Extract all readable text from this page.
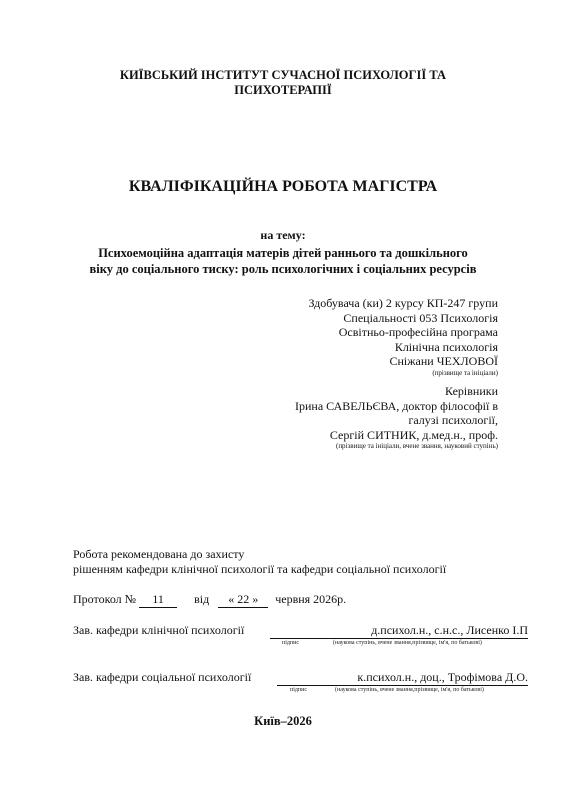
КИЇВСЬКИЙ ІНСТИТУТ СУЧАСНОЇ ПСИХОЛОГІЇ ТА
ПСИХОТЕРАПІЇ
КВАЛІФІКАЦІЙНА РОБОТА МАГІСТРА
на тему:
Психоемоційна адаптація матерів дітей раннього та дошкільного
віку до соціального тиску: роль психологічних і соціальних ресурсів
Здобувача (ки) 2 курсу КП-247 групи
Спеціальності 053 Психологія
Освітньо-професійна програма
Клінічна психологія
Сніжани ЧЕХЛОВОЇ
(прізвище та ініціали)
Керівники
Ірина САВЕЛЬЄВА, доктор філософії в
галузі психології,
Сергій СИТНИК, д.мед.н., проф.
(прізвище та ініціали, вчене звання, науковий ступінь)
Робота рекомендована до захисту
рішенням кафедри клінічної психології та кафедри соціальної психології
Протокол № 11	від « 22 » червня 2026р.
Зав. кафедри клінічної психології	д.психол.н., с.н.с., Лисенко І.П
підпис	(наукова ступінь, вчене звання,прізвище, ім'я, по батькові)
Зав. кафедри соціальної психології	к.психол.н., доц., Трофімова Д.О.
підпис	(наукова ступінь, вчене звання,прізвище, ім'я, по батькові)
Київ–2026
